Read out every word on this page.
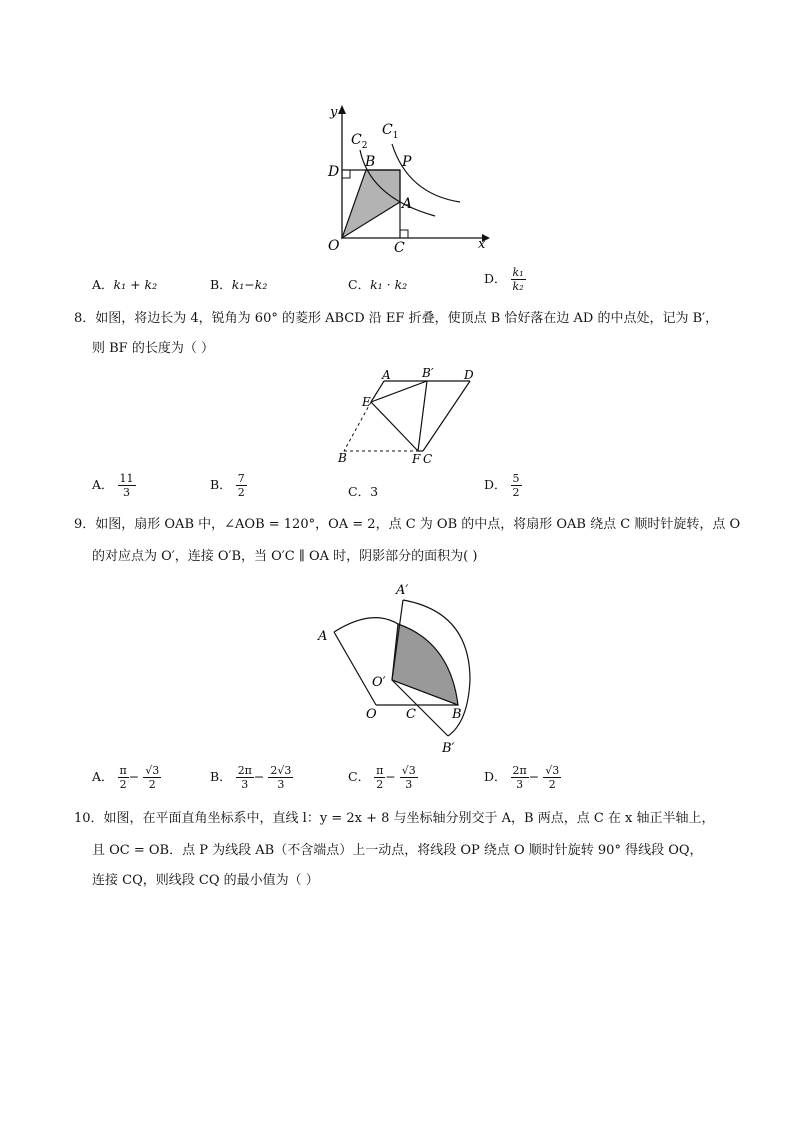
y
x
O	C
D
B P
A
$C_2$
$C_1$
A．k₁ + k₂	B．k₁−k₂	C．k₁ · k₂	D． $\frac{\text{k₁}}{\text{k₂}}$
8．如图，将边长为 4，锐角为 60° 的菱形 ABCD 沿 EF 折叠，使顶点 B 恰好落在边 AD 的中点处，记为 B′，
则 BF 的长度为（ ）
A	B′	D
E
B	F C
A． $\frac{11}{3}$	B． $\frac{7}{2}$	C．3	D． $\frac{5}{2}$
9．如图，扇形 OAB 中，∠AOB = 120°，OA = 2，点 C 为 OB 的中点，将扇形 OAB 绕点 C 顺时针旋转，点 O
的对应点为 O′，连接 O′B，当 O′C ∥ OA 时，阴影部分的面积为( )
A′
A
O′
O C	B
B′
A． $\frac{\pi}{2} - \frac{√3}{2}$	B． $\frac{2\pi}{3} - \frac{2√3}{3}$	C． $\frac{\pi}{2} - \frac{√3}{3}$	D． $\frac{2\pi}{3} - \frac{√3}{2}$
10．如图，在平面直角坐标系中，直线 l：y = 2x + 8 与坐标轴分别交于 A，B 两点，点 C 在 x 轴正半轴上，
且 OC = OB．点 P 为线段 AB（不含端点）上一动点，将线段 OP 绕点 O 顺时针旋转 90° 得线段 OQ，
连接 CQ，则线段 CQ 的最小值为（ ）
